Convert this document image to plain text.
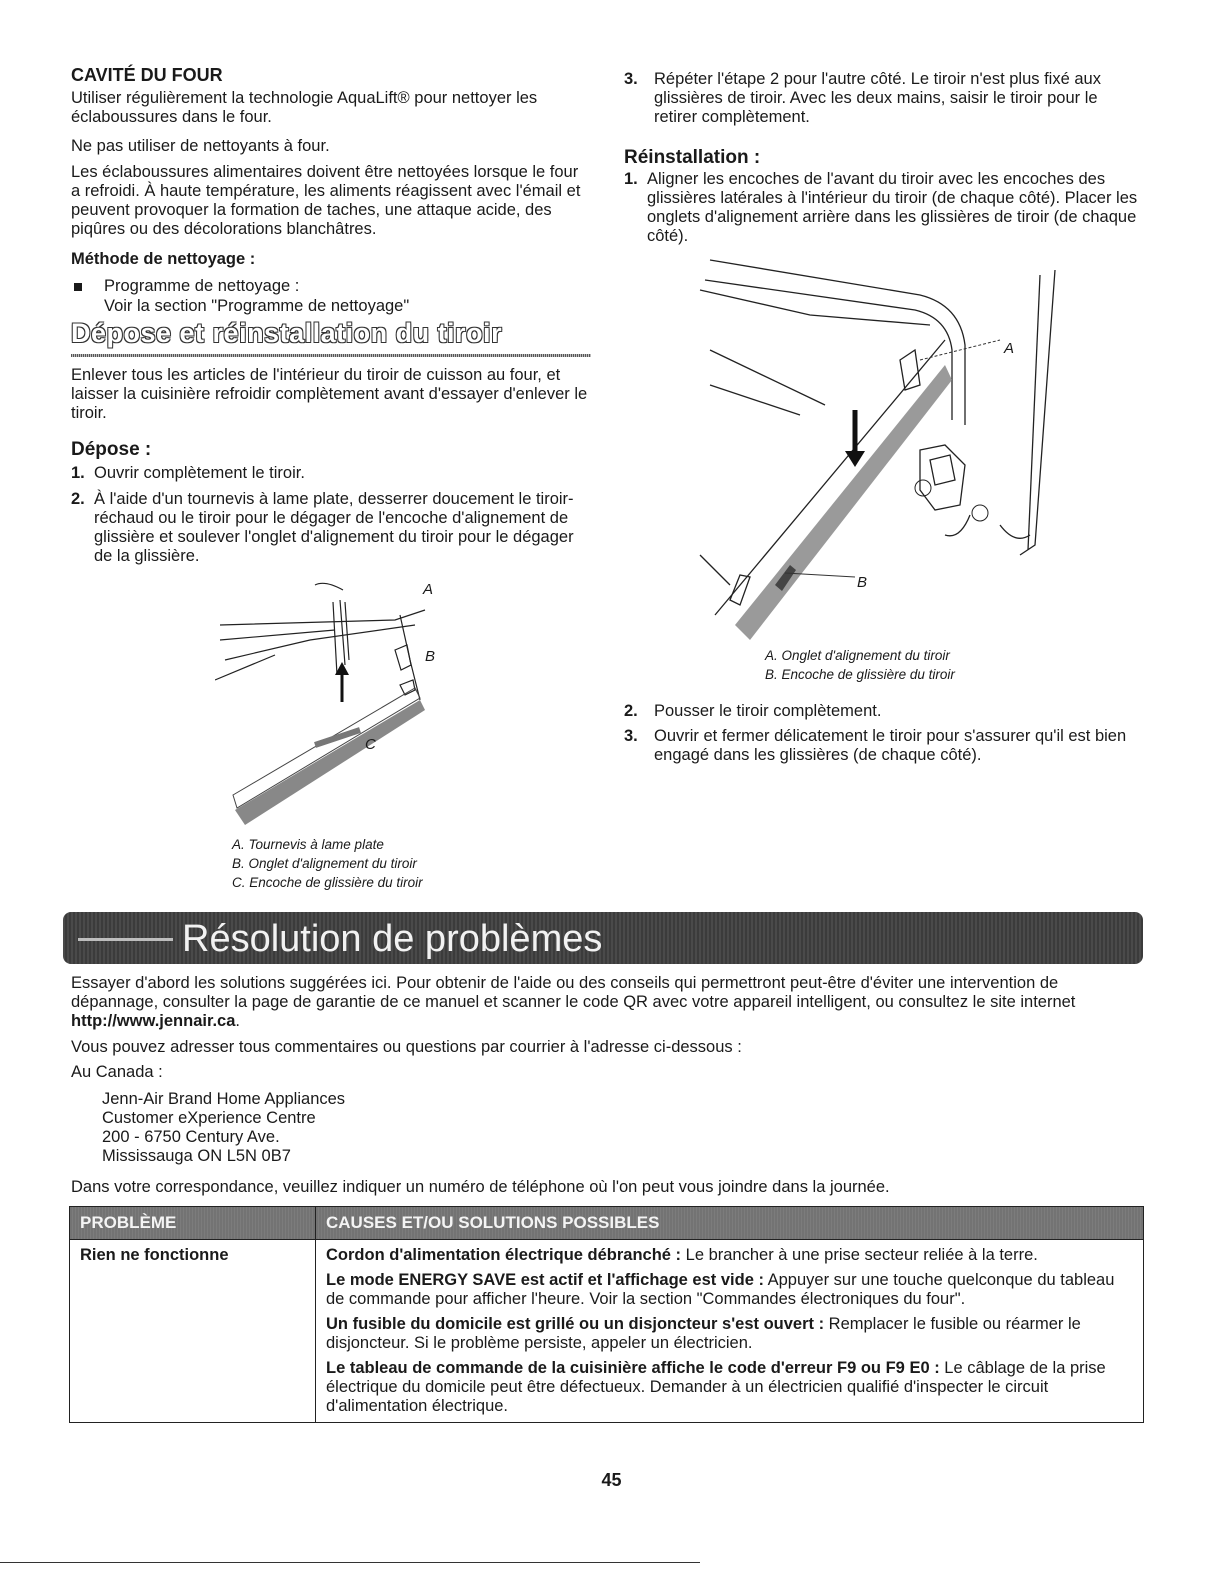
CAVITÉ DU FOUR

Utiliser régulièrement la technologie AquaLift® pour nettoyer les éclaboussures dans le four.

Ne pas utiliser de nettoyants à four.

Les éclaboussures alimentaires doivent être nettoyées lorsque le four a refroidi. À haute température, les aliments réagissent avec l'émail et peuvent provoquer la formation de taches, une attaque acide, des piqûres ou des décolorations blanchâtres.

Méthode de nettoyage :

Programme de nettoyage :

Voir la section "Programme de nettoyage"

Dépose et réinstallation du tiroir

Enlever tous les articles de l'intérieur du tiroir de cuisson au four, et laisser la cuisinière refroidir complètement avant d'essayer d'enlever le tiroir.

Dépose :
1. Ouvrir complètement le tiroir.

2. À l'aide d'un tournevis à lame plate, desserrer doucement le tiroir-réchaud ou le tiroir pour le dégager de l'encoche d'alignement de glissière et soulever l'onglet d'alignement du tiroir pour le dégager de la glissière.

A
B
C

A. Tournevis à lame plate

B. Onglet d'alignement du tiroir

C. Encoche de glissière du tiroir

3. Répéter l'étape 2 pour l'autre côté. Le tiroir n'est plus fixé aux glissières de tiroir. Avec les deux mains, saisir le tiroir pour le retirer complètement.

Réinstallation :
1. Aligner les encoches de l'avant du tiroir avec les encoches des glissières latérales à l'intérieur du tiroir (de chaque côté). Placer les onglets d'alignement arrière dans les glissières de tiroir (de chaque côté).

A
B

A. Onglet d'alignement du tiroir

B. Encoche de glissière du tiroir

2. Pousser le tiroir complètement.

3. Ouvrir et fermer délicatement le tiroir pour s'assurer qu'il est bien engagé dans les glissières (de chaque côté).

Résolution de problèmes

Essayer d'abord les solutions suggérées ici. Pour obtenir de l'aide ou des conseils qui permettront peut-être d'éviter une intervention de dépannage, consulter la page de garantie de ce manuel et scanner le code QR avec votre appareil intelligent, ou consultez le site internet http://www.jennair.ca.

Vous pouvez adresser tous commentaires ou questions par courrier à l'adresse ci-dessous :

Au Canada :

Jenn-Air Brand Home Appliances

Customer eXperience Centre

200 - 6750 Century Ave.

Mississauga ON L5N 0B7

Dans votre correspondance, veuillez indiquer un numéro de téléphone où l'on peut vous joindre dans la journée.

PROBLÈME	CAUSES ET/OU SOLUTIONS POSSIBLES
Rien ne fonctionne	Cordon d'alimentation électrique débranché : Le brancher à une prise secteur reliée à la terre.

Le mode ENERGY SAVE est actif et l'affichage est vide : Appuyer sur une touche quelconque du tableau de commande pour afficher l'heure. Voir la section "Commandes électroniques du four".

Un fusible du domicile est grillé ou un disjoncteur s'est ouvert : Remplacer le fusible ou réarmer le disjoncteur. Si le problème persiste, appeler un électricien.

Le tableau de commande de la cuisinière affiche le code d'erreur F9 ou F9 E0 : Le câblage de la prise électrique du domicile peut être défectueux. Demander à un électricien qualifié d'inspecter le circuit d'alimentation électrique.

45
